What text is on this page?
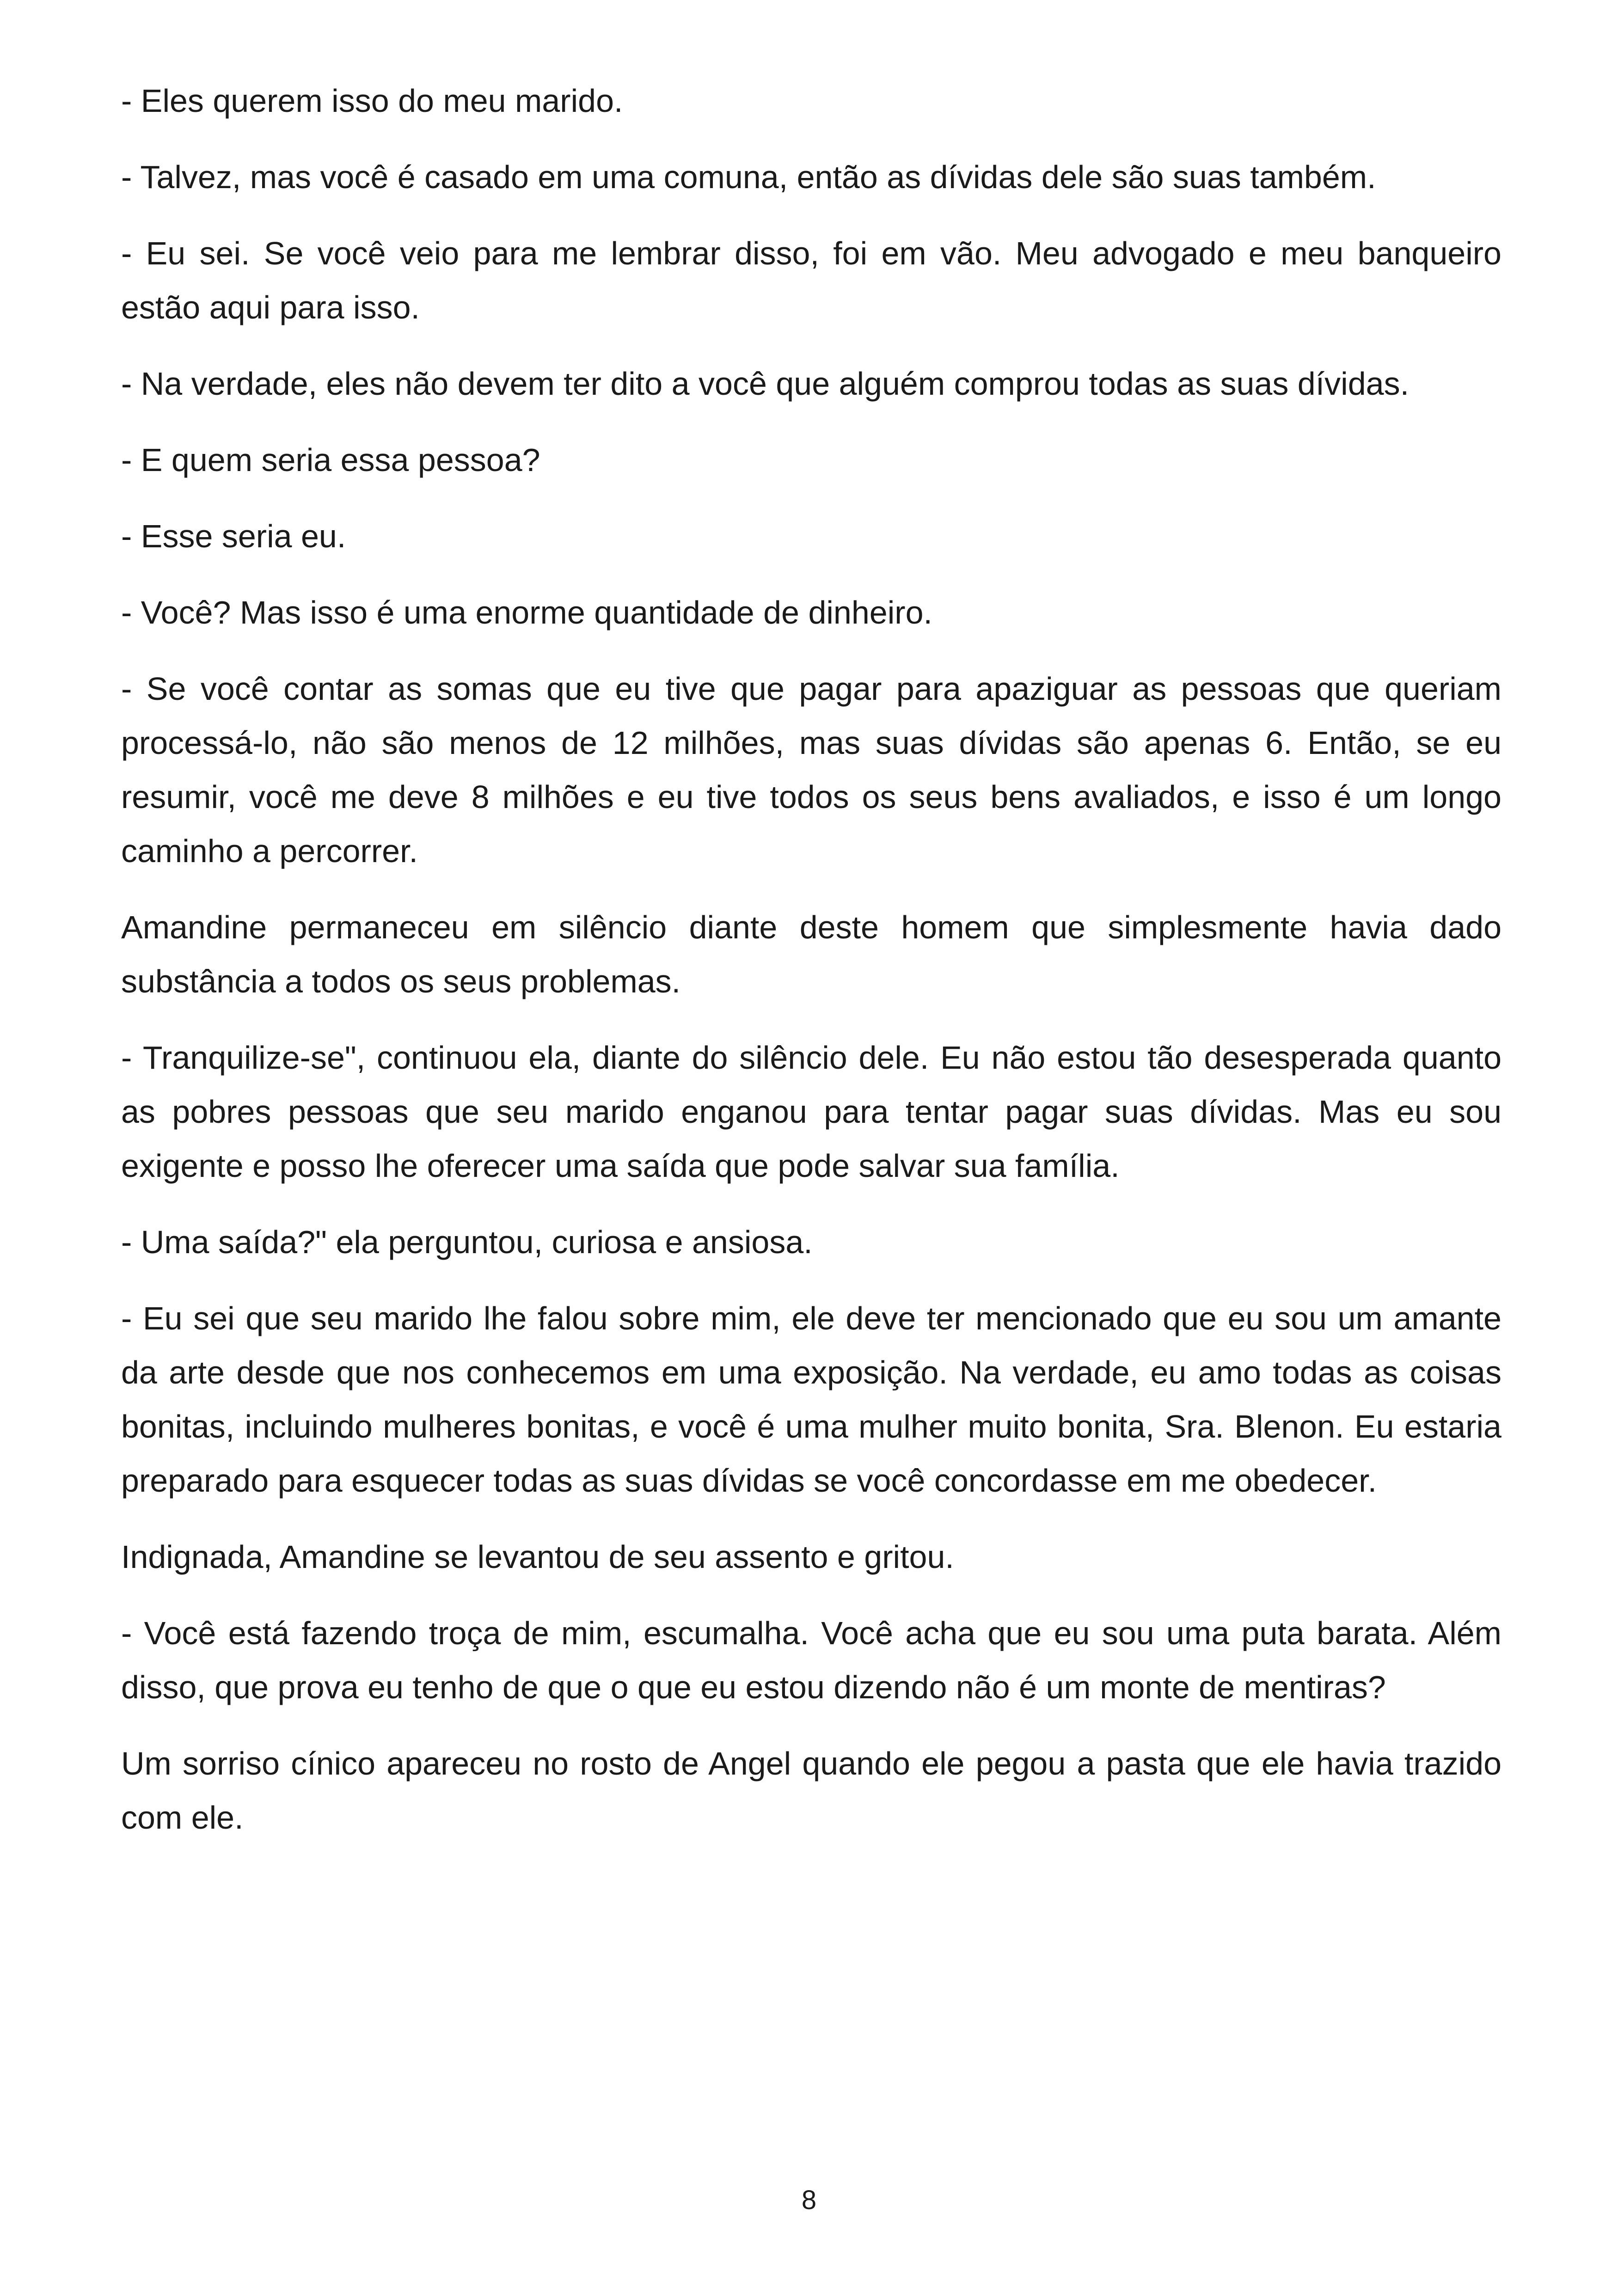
- Eles querem isso do meu marido.

- Talvez, mas você é casado em uma comuna, então as dívidas dele são suas também.

- Eu sei. Se você veio para me lembrar disso, foi em vão. Meu advogado e meu banqueiro estão aqui para isso.

- Na verdade, eles não devem ter dito a você que alguém comprou todas as suas dívidas.

- E quem seria essa pessoa?

- Esse seria eu.

- Você? Mas isso é uma enorme quantidade de dinheiro.

- Se você contar as somas que eu tive que pagar para apaziguar as pessoas que queriam processá-lo, não são menos de 12 milhões, mas suas dívidas são apenas 6. Então, se eu resumir, você me deve 8 milhões e eu tive todos os seus bens avaliados, e isso é um longo caminho a percorrer.

Amandine permaneceu em silêncio diante deste homem que simplesmente havia dado substância a todos os seus problemas.

- Tranquilize-se", continuou ela, diante do silêncio dele. Eu não estou tão desesperada quanto as pobres pessoas que seu marido enganou para tentar pagar suas dívidas. Mas eu sou exigente e posso lhe oferecer uma saída que pode salvar sua família.

- Uma saída?" ela perguntou, curiosa e ansiosa.

- Eu sei que seu marido lhe falou sobre mim, ele deve ter mencionado que eu sou um amante da arte desde que nos conhecemos em uma exposição. Na verdade, eu amo todas as coisas bonitas, incluindo mulheres bonitas, e você é uma mulher muito bonita, Sra. Blenon. Eu estaria preparado para esquecer todas as suas dívidas se você concordasse em me obedecer.

Indignada, Amandine se levantou de seu assento e gritou.

- Você está fazendo troça de mim, escumalha. Você acha que eu sou uma puta barata. Além disso, que prova eu tenho de que o que eu estou dizendo não é um monte de mentiras?

Um sorriso cínico apareceu no rosto de Angel quando ele pegou a pasta que ele havia trazido com ele.

8
